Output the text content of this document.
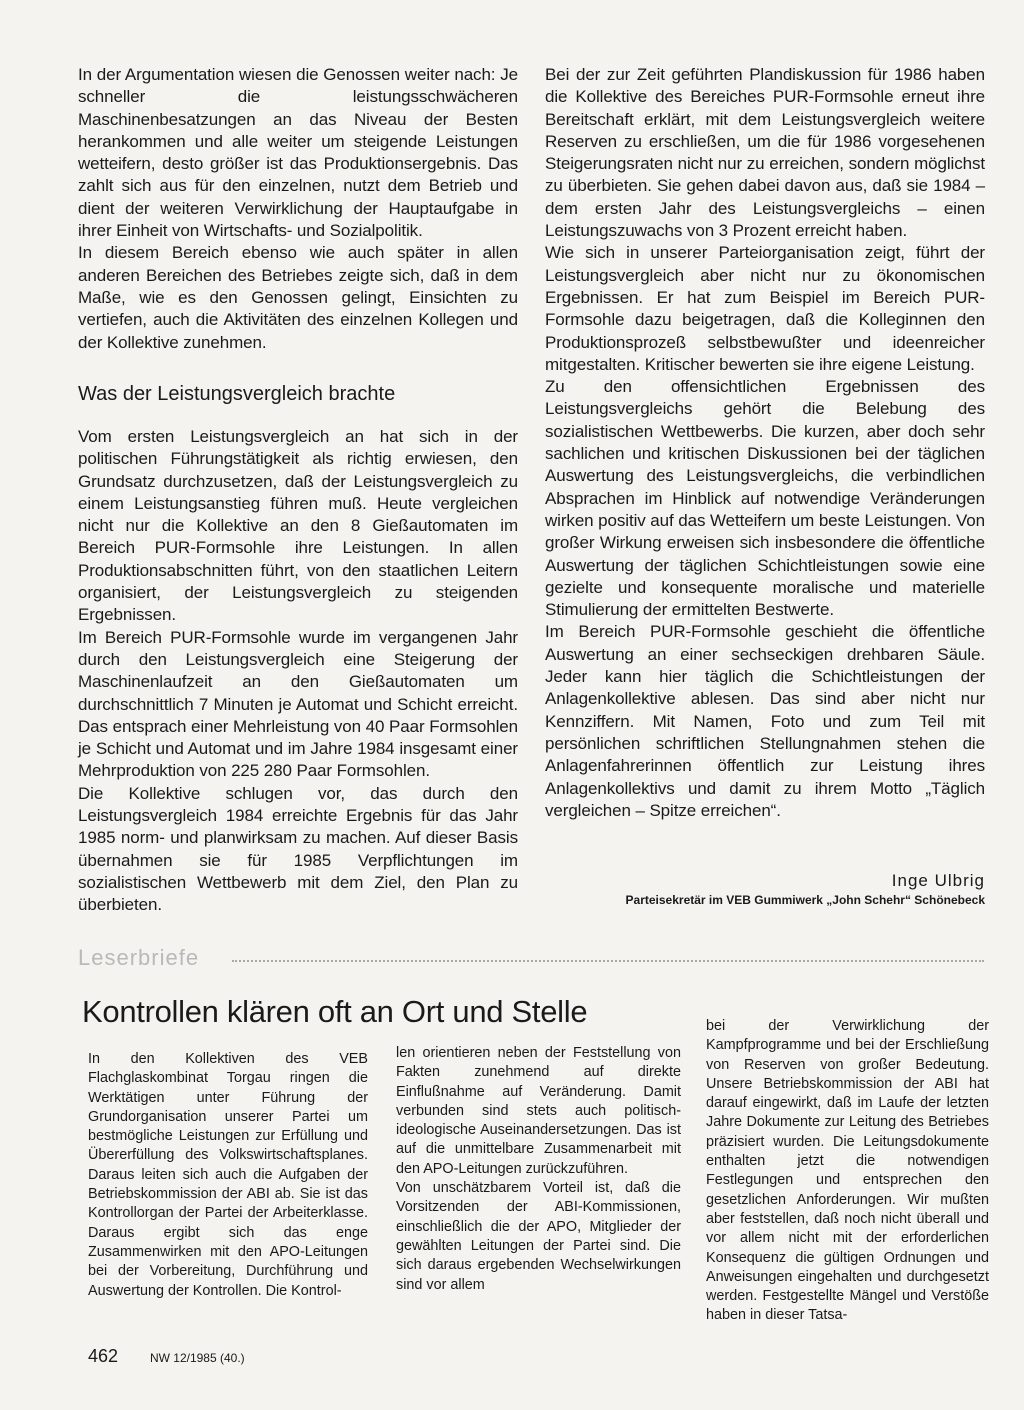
In der Argumentation wiesen die Genossen weiter nach: Je schneller die leistungsschwächeren Maschinenbesatzungen an das Niveau der Besten herankommen und alle weiter um steigende Leistungen wetteifern, desto größer ist das Produktionsergebnis. Das zahlt sich aus für den einzelnen, nutzt dem Betrieb und dient der weiteren Verwirklichung der Hauptaufgabe in ihrer Einheit von Wirtschafts- und Sozialpolitik.

In diesem Bereich ebenso wie auch später in allen anderen Bereichen des Betriebes zeigte sich, daß in dem Maße, wie es den Genossen gelingt, Einsichten zu vertiefen, auch die Aktivitäten des einzelnen Kollegen und der Kollektive zunehmen.

Was der Leistungsvergleich brachte

Vom ersten Leistungsvergleich an hat sich in der politischen Führungstätigkeit als richtig erwiesen, den Grundsatz durchzusetzen, daß der Leistungsvergleich zu einem Leistungsanstieg führen muß. Heute vergleichen nicht nur die Kollektive an den 8 Gießautomaten im Bereich PUR-Formsohle ihre Leistungen. In allen Produktionsabschnitten führt, von den staatlichen Leitern organisiert, der Leistungsvergleich zu steigenden Ergebnissen.

Im Bereich PUR-Formsohle wurde im vergangenen Jahr durch den Leistungsvergleich eine Steigerung der Maschinenlaufzeit an den Gießautomaten um durchschnittlich 7 Minuten je Automat und Schicht erreicht. Das entsprach einer Mehrleistung von 40 Paar Formsohlen je Schicht und Automat und im Jahre 1984 insgesamt einer Mehrproduktion von 225 280 Paar Formsohlen.

Die Kollektive schlugen vor, das durch den Leistungsvergleich 1984 erreichte Ergebnis für das Jahr 1985 norm- und planwirksam zu machen. Auf dieser Basis übernahmen sie für 1985 Verpflichtungen im sozialistischen Wettbewerb mit dem Ziel, den Plan zu überbieten.

Bei der zur Zeit geführten Plandiskussion für 1986 haben die Kollektive des Bereiches PUR-Formsohle erneut ihre Bereitschaft erklärt, mit dem Leistungsvergleich weitere Reserven zu erschließen, um die für 1986 vorgesehenen Steigerungsraten nicht nur zu erreichen, sondern möglichst zu überbieten. Sie gehen dabei davon aus, daß sie 1984 – dem ersten Jahr des Leistungsvergleichs – einen Leistungszuwachs von 3 Prozent erreicht haben.

Wie sich in unserer Parteiorganisation zeigt, führt der Leistungsvergleich aber nicht nur zu ökonomischen Ergebnissen. Er hat zum Beispiel im Bereich PUR-Formsohle dazu beigetragen, daß die Kolleginnen den Produktionsprozeß selbstbewußter und ideenreicher mitgestalten. Kritischer bewerten sie ihre eigene Leistung.

Zu den offensichtlichen Ergebnissen des Leistungsvergleichs gehört die Belebung des sozialistischen Wettbewerbs. Die kurzen, aber doch sehr sachlichen und kritischen Diskussionen bei der täglichen Auswertung des Leistungsvergleichs, die verbindlichen Absprachen im Hinblick auf notwendige Veränderungen wirken positiv auf das Wetteifern um beste Leistungen. Von großer Wirkung erweisen sich insbesondere die öffentliche Auswertung der täglichen Schichtleistungen sowie eine gezielte und konsequente moralische und materielle Stimulierung der ermittelten Bestwerte.

Im Bereich PUR-Formsohle geschieht die öffentliche Auswertung an einer sechseckigen drehbaren Säule. Jeder kann hier täglich die Schichtleistungen der Anlagenkollektive ablesen. Das sind aber nicht nur Kennziffern. Mit Namen, Foto und zum Teil mit persönlichen schriftlichen Stellungnahmen stehen die Anlagenfahrerinnen öffentlich zur Leistung ihres Anlagenkollektivs und damit zu ihrem Motto „Täglich vergleichen – Spitze erreichen“.

Inge Ulbrig
Parteisekretär im VEB Gummiwerk „John Schehr“ Schönebeck
Leserbriefe
Kontrollen klären oft an Ort und Stelle

In den Kollektiven des VEB Flachglaskombinat Torgau ringen die Werktätigen unter Führung der Grundorganisation unserer Partei um bestmögliche Leistungen zur Erfüllung und Übererfüllung des Volkswirtschaftsplanes. Daraus leiten sich auch die Aufgaben der Betriebskommission der ABI ab. Sie ist das Kontrollorgan der Partei der Arbeiterklasse. Daraus ergibt sich das enge Zusammenwirken mit den APO-Leitungen bei der Vorbereitung, Durchführung und Auswertung der Kontrollen. Die Kontrol-

len orientieren neben der Feststellung von Fakten zunehmend auf direkte Einflußnahme auf Veränderung. Damit verbunden sind stets auch politisch-ideologische Auseinandersetzungen. Das ist auf die unmittelbare Zusammenarbeit mit den APO-Leitungen zurückzuführen.

Von unschätzbarem Vorteil ist, daß die Vorsitzenden der ABI-Kommissionen, einschließlich die der APO, Mitglieder der gewählten Leitungen der Partei sind. Die sich daraus ergebenden Wechselwirkungen sind vor allem

bei der Verwirklichung der Kampfprogramme und bei der Erschließung von Reserven von großer Bedeutung. Unsere Betriebskommission der ABI hat darauf eingewirkt, daß im Laufe der letzten Jahre Dokumente zur Leitung des Betriebes präzisiert wurden. Die Leitungsdokumente enthalten jetzt die notwendigen Festlegungen und entsprechen den gesetzlichen Anforderungen. Wir mußten aber feststellen, daß noch nicht überall und vor allem nicht mit der erforderlichen Konsequenz die gültigen Ordnungen und Anweisungen eingehalten und durchgesetzt werden. Festgestellte Mängel und Verstöße haben in dieser Tatsa-

462	NW 12/1985 (40.)
